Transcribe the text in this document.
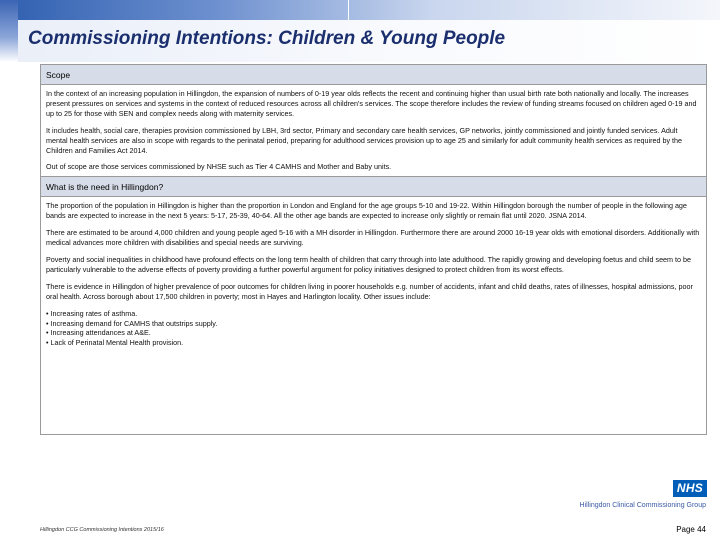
Commissioning Intentions: Children & Young People
Scope

In the context of an increasing population in Hillingdon, the expansion of numbers of 0-19 year olds reflects the recent and continuing higher than usual birth rate both nationally and locally. The increases present pressures on services and systems in the context of reduced resources across all children's services. The scope therefore includes the review of funding streams focused on children aged 0-19 and up to 25 for those with SEN and complex needs along with maternity services.

It includes health, social care, therapies provision commissioned by LBH, 3rd sector, Primary and secondary care health services, GP networks, jointly commissioned and jointly funded services. Adult mental health services are also in scope with regards to the perinatal period, preparing for adulthood services provision up to age 25 and similarly for adult community health services as required by the Children and Families Act 2014.

Out of scope are those services commissioned by NHSE such as Tier 4 CAMHS and Mother and Baby units.

What is the need in Hillingdon?

The proportion of the population in Hillingdon is higher than the proportion in London and England for the age groups 5-10 and 19-22. Within Hillingdon borough the number of people in the following age bands are expected to increase in the next 5 years: 5-17, 25-39, 40-64. All the other age bands are expected to increase only slightly or remain flat until 2020. JSNA 2014.

There are estimated to be around 4,000 children and young people aged 5-16 with a MH disorder in Hillingdon. Furthermore there are around 2000 16-19 year olds with emotional disorders. Additionally with medical advances more children with disabilities and special needs are surviving.

Poverty and social inequalities in childhood have profound effects on the long term health of children that carry through into late adulthood. The rapidly growing and developing foetus and child seem to be particularly vulnerable to the adverse effects of poverty providing a further powerful argument for policy initiatives designed to protect children from its worst effects.

There is evidence in Hillingdon of higher prevalence of poor outcomes for children living in poorer households e.g. number of accidents, infant and child deaths, rates of illnesses, hospital admissions, poor oral health. Across borough about 17,500 children in poverty; most in Hayes and Harlington locality. Other issues include:

• Increasing rates of asthma.
• Increasing demand for CAMHS that outstrips supply.
• Increasing attendances at A&E.
• Lack of Perinatal Mental Health provision.
NHS
Hillingdon Clinical Commissioning Group
Hillingdon CCG Commissioning Intentions 2015/16	Page 44
